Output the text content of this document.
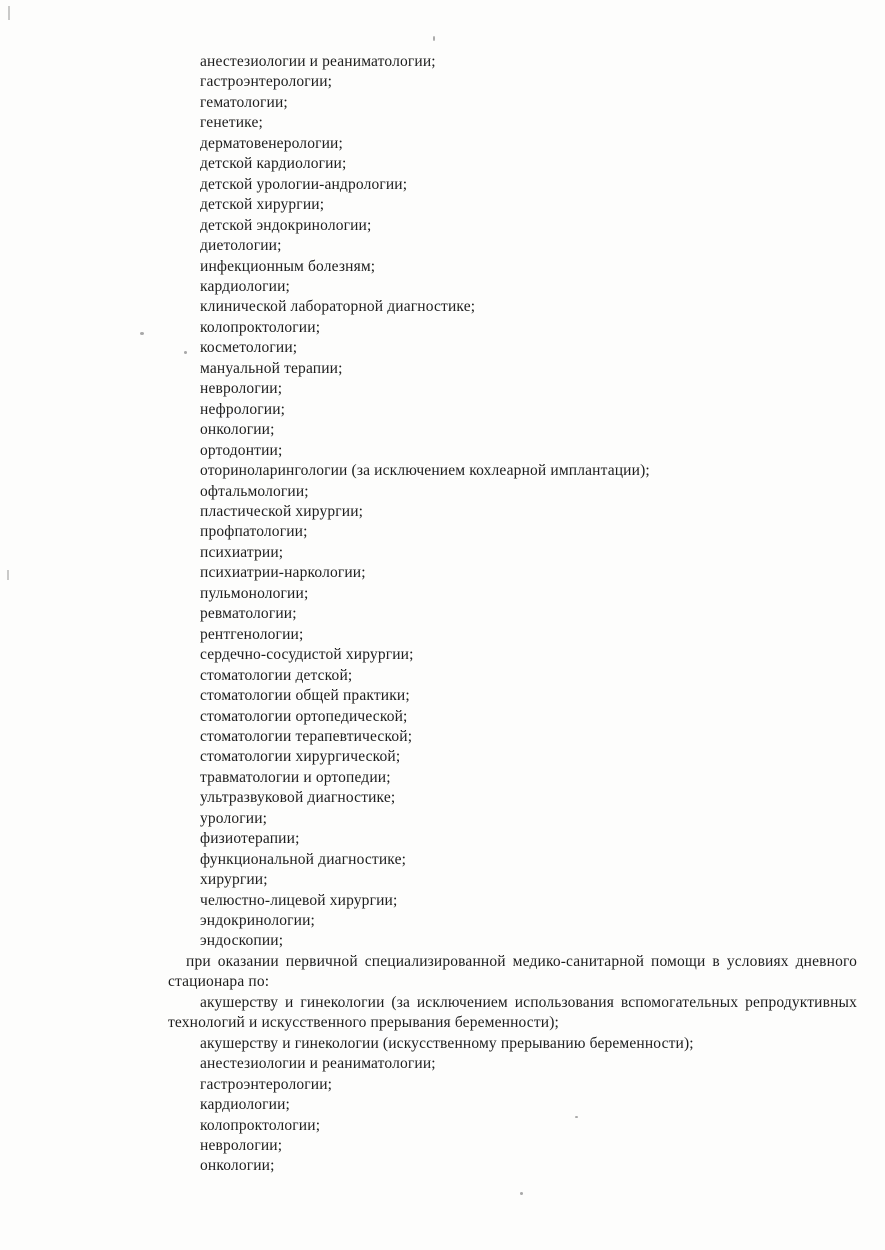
анестезиологии и реаниматологии;
гастроэнтерологии;
гематологии;
генетике;
дерматовенерологии;
детской кардиологии;
детской урологии-андрологии;
детской хирургии;
детской эндокринологии;
диетологии;
инфекционным болезням;
кардиологии;
клинической лабораторной диагностике;
колопроктологии;
косметологии;
мануальной терапии;
неврологии;
нефрологии;
онкологии;
ортодонтии;
оториноларингологии (за исключением кохлеарной имплантации);
офтальмологии;
пластической хирургии;
профпатологии;
психиатрии;
психиатрии-наркологии;
пульмонологии;
ревматологии;
рентгенологии;
сердечно-сосудистой хирургии;
стоматологии детской;
стоматологии общей практики;
стоматологии ортопедической;
стоматологии терапевтической;
стоматологии хирургической;
травматологии и ортопедии;
ультразвуковой диагностике;
урологии;
физиотерапии;
функциональной диагностике;
хирургии;
челюстно-лицевой хирургии;
эндокринологии;
эндоскопии;

при оказании первичной специализированной медико-санитарной помощи в условиях дневного стационара по:

акушерству и гинекологии (за исключением использования вспомогательных репродуктивных технологий и искусственного прерывания беременности);
акушерству и гинекологии (искусственному прерыванию беременности);
анестезиологии и реаниматологии;
гастроэнтерологии;
кардиологии;
колопроктологии;
неврологии;
онкологии;
